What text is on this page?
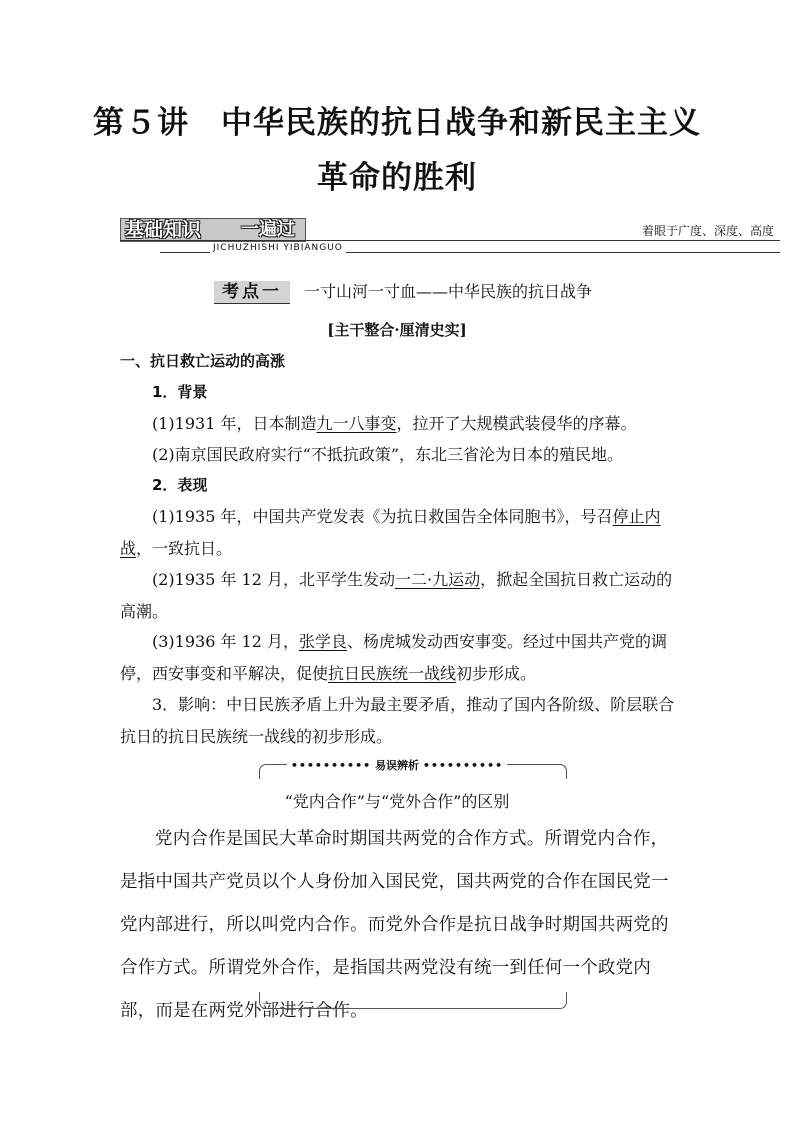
第５讲　中华民族的抗日战争和新民主主义
革命的胜利
基础知识 一遍过
JICHUZHISHI YIBIANGUO
着眼于广度、深度、高度
考点一	一寸山河一寸血——中华民族的抗日战争
[主干整合·厘清史实]

一、抗日救亡运动的高涨

1．背景

(1)1931 年，日本制造九一八事变，拉开了大规模武装侵华的序幕。

(2)南京国民政府实行“不抵抗政策”，东北三省沦为日本的殖民地。

2．表现

(1)1935 年，中国共产党发表《为抗日救国告全体同胞书》，号召停止内战，一致抗日。

(2)1935 年 12 月，北平学生发动一二·九运动，掀起全国抗日救亡运动的高潮。

(3)1936 年 12 月，张学良、杨虎城发动西安事变。经过中国共产党的调停，西安事变和平解决，促使抗日民族统一战线初步形成。

3．影响：中日民族矛盾上升为最主要矛盾，推动了国内各阶级、阶层联合抗日的抗日民族统一战线的初步形成。

•••••••••• 易误辨析 ••••••••••
“党内合作”与“党外合作”的区别

党内合作是国民大革命时期国共两党的合作方式。所谓党内合作，是指中国共产党员以个人身份加入国民党，国共两党的合作在国民党一党内部进行，所以叫党内合作。而党外合作是抗日战争时期国共两党的合作方式。所谓党外合作，是指国共两党没有统一到任何一个政党内部，而是在两党外部进行合作。
